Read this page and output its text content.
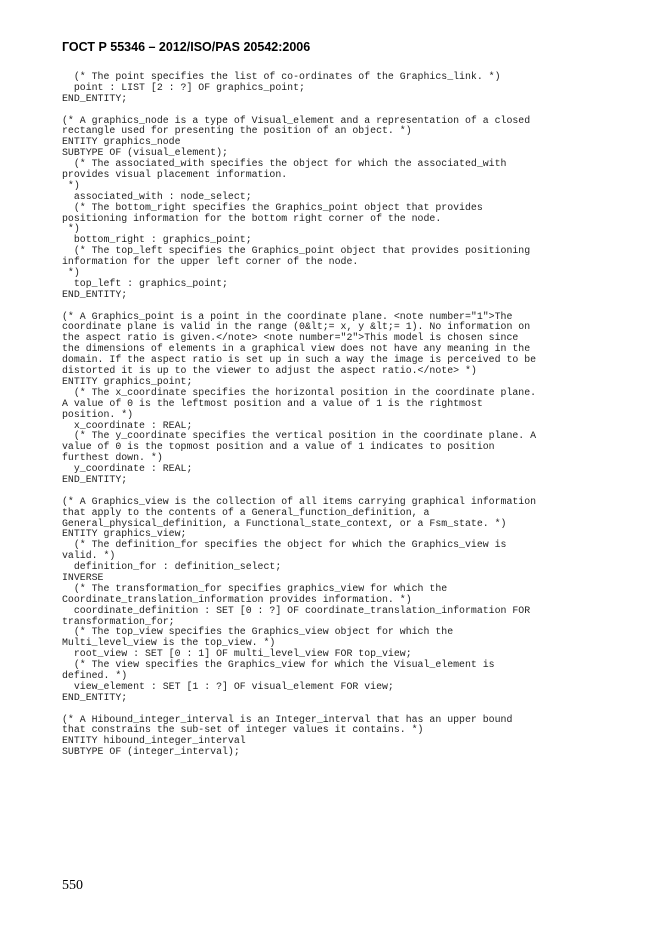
ГОСТ Р 55346 – 2012/ISO/PAS 20542:2006
(* The point specifies the list of co-ordinates of the Graphics_link. *)
point : LIST [2 : ?] OF graphics_point;
END_ENTITY;
(* A graphics_node is a type of Visual_element and a representation of a closed
rectangle used for presenting the position of an object. *)
ENTITY graphics_node
SUBTYPE OF (visual_element);
(* The associated_with specifies the object for which the associated_with
provides visual placement information.
*)
associated_with : node_select;
(* The bottom_right specifies the Graphics_point object that provides
positioning information for the bottom right corner of the node.
*)
bottom_right : graphics_point;
(* The top_left specifies the Graphics_point object that provides positioning
information for the upper left corner of the node.
*)
top_left : graphics_point;
END_ENTITY;
(* A Graphics_point is a point in the coordinate plane. <note number="1">The
coordinate plane is valid in the range (0&lt;= x, y &lt;= 1). No information on
the aspect ratio is given.</note> <note number="2">This model is chosen since
the dimensions of elements in a graphical view does not have any meaning in the
domain. If the aspect ratio is set up in such a way the image is perceived to be
distorted it is up to the viewer to adjust the aspect ratio.</note> *)
ENTITY graphics_point;
(* The x_coordinate specifies the horizontal position in the coordinate plane.
A value of 0 is the leftmost position and a value of 1 is the rightmost
position. *)
x_coordinate : REAL;
(* The y_coordinate specifies the vertical position in the coordinate plane. A
value of 0 is the topmost position and a value of 1 indicates to position
furthest down. *)
y_coordinate : REAL;
END_ENTITY;
(* A Graphics_view is the collection of all items carrying graphical information
that apply to the contents of a General_function_definition, a
General_physical_definition, a Functional_state_context, or a Fsm_state. *)
ENTITY graphics_view;
(* The definition_for specifies the object for which the Graphics_view is
valid. *)
definition_for : definition_select;
INVERSE
(* The transformation_for specifies graphics_view for which the
Coordinate_translation_information provides information. *)
coordinate_definition : SET [0 : ?] OF coordinate_translation_information FOR
transformation_for;
(* The top_view specifies the Graphics_view object for which the
Multi_level_view is the top_view. *)
root_view : SET [0 : 1] OF multi_level_view FOR top_view;
(* The view specifies the Graphics_view for which the Visual_element is
defined. *)
view_element : SET [1 : ?] OF visual_element FOR view;
END_ENTITY;
(* A Hibound_integer_interval is an Integer_interval that has an upper bound
that constrains the sub-set of integer values it contains. *)
ENTITY hibound_integer_interval
SUBTYPE OF (integer_interval);
550
